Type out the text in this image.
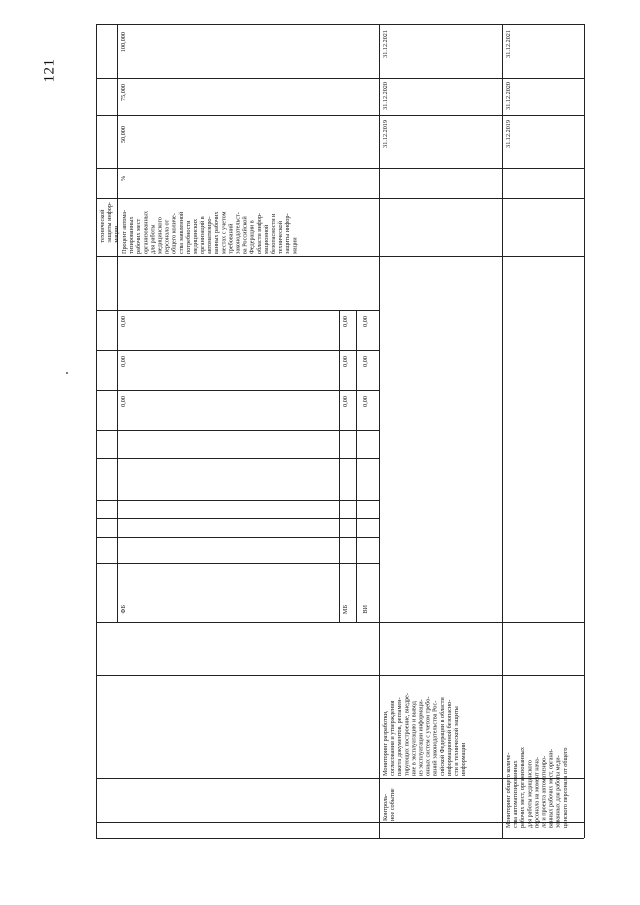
121
100,000
75,000
50,000
%
технической
защиты инфор-
мации Процент автома-
тизированных
рабочих мест
организованных
для работы
медицинского
персонала от
общего количе-
ства заявленной
потребности
медицинских
организаций в
автоматизиро-
ванных рабочих
местах с учетом
требований
законодательст-
ва Российской
Федерации в
области инфор-
мационной
безопасности и
технической
защиты инфор-
мации
31.12.2021
31.12.2020
31.12.2019
31.12.2021
31.12.2020
31.12.2019
0,00
0,00
0,00
0,00
0,00
0,00
0,00
0,00
0,00
ФБ	МБ ВИ
Мониторинг разработки,
согласования и утверждения
пакета документов, регламен-
тирующих построение, внедре-
ние в эксплуатацию и вывод
из эксплуатации информаци-
онных систем с учетом требо-
ваний законодательства Рос-
сийской Федерации в области
информационной безопасно-
сти и технической защиты
информации
Мониторинг общего количе-
ства автоматизированных
рабочих мест, организованных
для работы медицинского
персонала на момент нача-
ла и проекта автоматизиро-
ванных рабочих мест, органи-
зованных для работы меди-
цинского персонала от общего
Контроль-
ное событие
